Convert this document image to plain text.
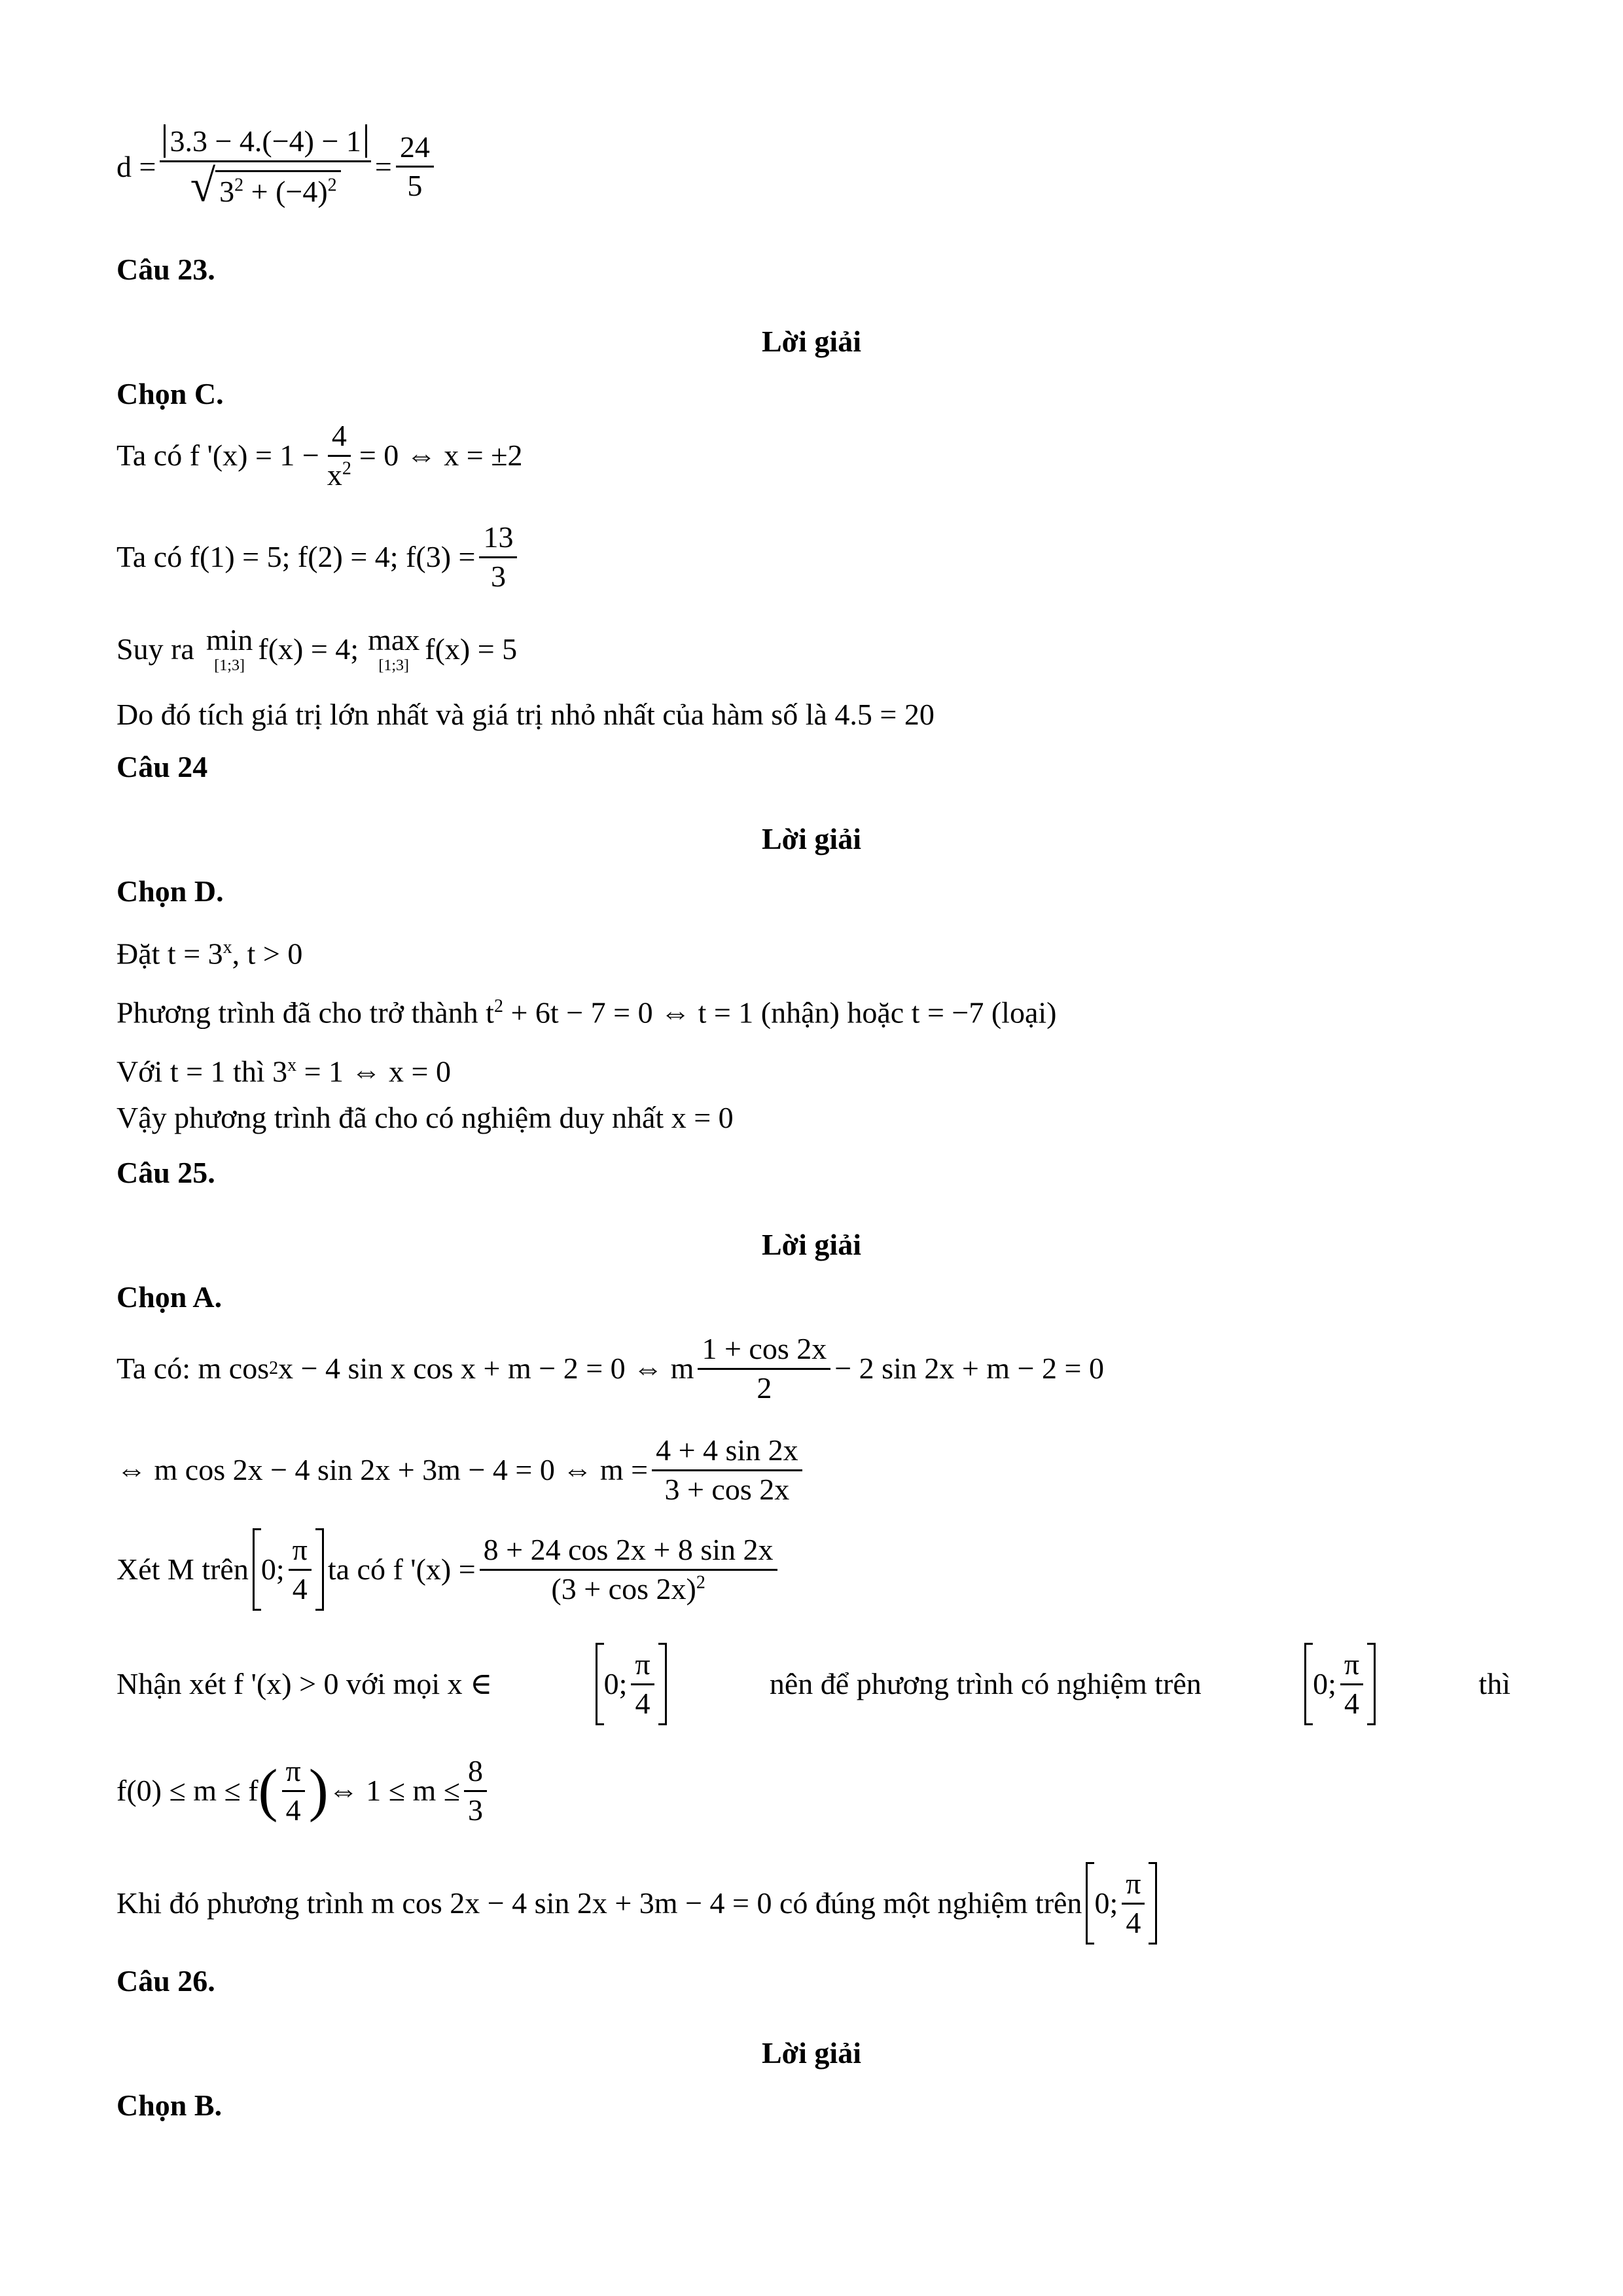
$d = \frac{3.3 - 4.(-4) - 1}{√ 3^2 + (-4)^2} = \frac{24}{5}$
Câu 23.
Lời giải
Chọn C.
Ta có f '$(x) = 1 - \frac{4}{x^2} = 0$ ⇔ x = ±2
Ta có f(1) = 5; f(2) = 4; $f(3) = \frac{13}{3}$
Suy ra min
[1;3] f(x) = 4; max
[1;3] f(x) = 5
Do đó tích giá trị lớn nhất và giá trị nhỏ nhất của hàm số là 4.5 = 20
Câu 24
Lời giải
Chọn D.
Đặt $t = 3^x$, t > 0
Phương trình đã cho trở thành $t^2 + 6t - 7 = 0$ ⇔ t = 1 (nhận) hoặc t = −7 (loại)
Với t = 1 thì $3^x = 1$ ⇔ x = 0
Vậy phương trình đã cho có nghiệm duy nhất x = 0
Câu 25.
Lời giải
Chọn A.
Ta có: m cos 2 x − 4 sin x cos x + m − 2 = 0 ⇔ m $\frac{1 + \cos 2x}{2} - 2$ sin 2x + m − 2 = 0
⇔ m cos 2x − 4 sin 2x + 3m − 4 = 0 ⇔ $m = \frac{4 + 4 \sin 2x}{3 + \cos 2x}$
Xét M trên 0; $\frac{\pi}{4}$ ta có f '$(x) = \frac{8 + 24 \cos 2x + 8 \sin 2x}{(3 + \cos 2x)^2}$
Nhận xét f '(x) > 0 với mọi x ∈	0; $\frac{\pi}{4}$	nên để phương trình có nghiệm trên	0; $\frac{\pi}{4}$	thì
f(0) ≤ m ≤ f ( $\frac{\pi}{4}$ ) ⇔ $1 \le m \le \frac{8}{3}$
Khi đó phương trình m cos 2x − 4 sin 2x + 3m − 4 = 0 có đúng một nghiệm trên 0; $\frac{\pi}{4}$
Câu 26.
Lời giải
Chọn B.
